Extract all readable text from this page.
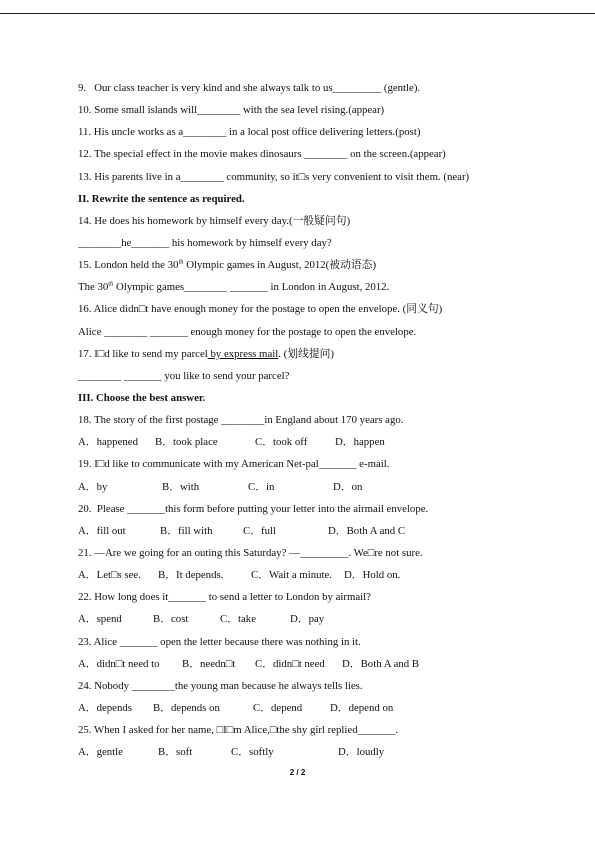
9.   Our class teacher is very kind and she always talk to us_________ (gentle).
10. Some small islands will________ with the sea level rising.(appear)
11. His uncle works as a________ in a local post office delivering letters.(post)
12. The special effect in the movie makes dinosaurs ________ on the screen.(appear)
13. His parents live in a________ community, so it□s very convenient to visit them. (near)
II. Rewrite the sentence as required.
14. He does his homework by himself every day.(一般疑问句)
________he_______ his homework by himself every day?
15. London held the 30th Olympic games in August, 2012(被动语态)
The 30th Olympic games________ _______ in London in August, 2012.
16. Alice didn□t have enough money for the postage to open the envelope. (同义句)
Alice ________ _______ enough money for the postage to open the envelope.
17. I□d like to send my parcel by express mail. (划线提问)
________ _______ you like to send your parcel?
III. Choose the best answer.
18. The story of the first postage ________in England about 170 years ago.
A．happened B．took place	C．took off	D．happen
19. I□d like to communicate with my American Net-pal_______ e-mail.
A．by	B．with	C．in	D．on
20.  Please _______this form before putting your letter into the airmail envelope.
A．fill out	B．fill with	C．full	D．Both A and C
21. —Are we going for an outing this Saturday? —_________. We□re not sure.
A．Let□s see. B．It depends.	C．Wait a minute. D．Hold on.
22. How long does it_______ to send a letter to London by airmail?
A．spend	B．cost	C．take	D．pay
23. Alice _______ open the letter because there was nothing in it.
A．didn□t need to B．needn□t C．didn□t need D．Both A and B
24. Nobody ________the young man because he always tells lies.
A．depends B．depends on	C．depend	D．depend on
25. When I asked for her name, □I□m Alice,□the shy girl replied_______.
A．gentle	B．soft	C．softly	D．loudly
2 / 2
